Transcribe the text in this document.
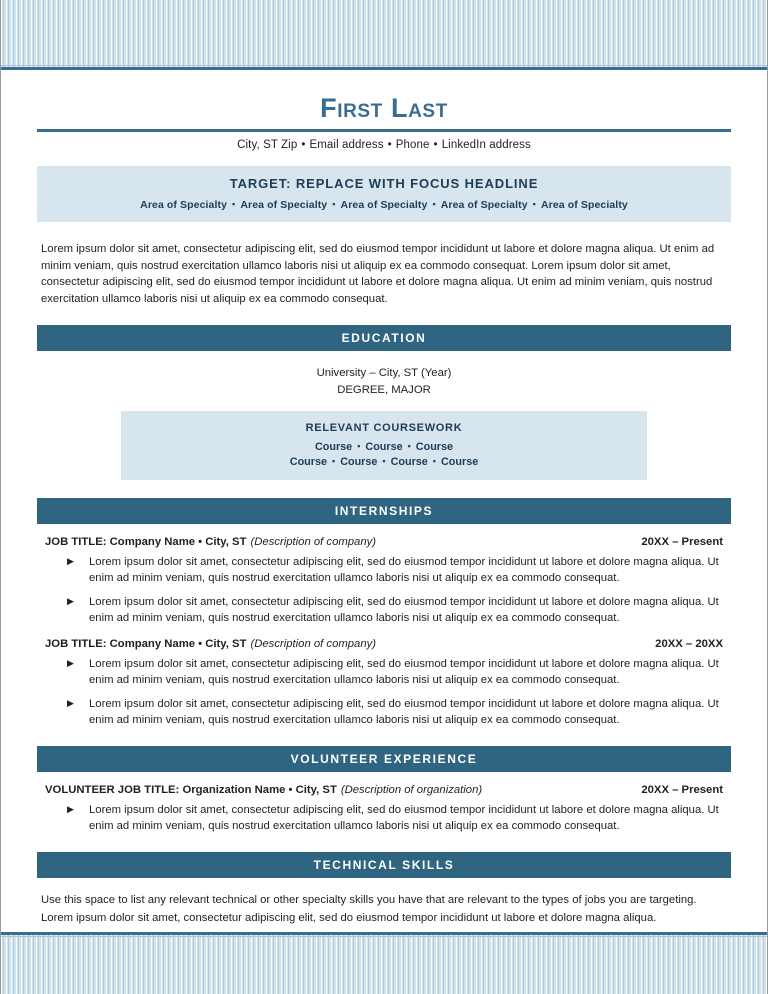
First Last
City, ST Zip • Email address • Phone • LinkedIn address
TARGET: REPLACE WITH FOCUS HEADLINE
Area of Specialty ▪ Area of Specialty ▪ Area of Specialty ▪ Area of Specialty ▪ Area of Specialty
Lorem ipsum dolor sit amet, consectetur adipiscing elit, sed do eiusmod tempor incididunt ut labore et dolore magna aliqua. Ut enim ad minim veniam, quis nostrud exercitation ullamco laboris nisi ut aliquip ex ea commodo consequat. Lorem ipsum dolor sit amet, consectetur adipiscing elit, sed do eiusmod tempor incididunt ut labore et dolore magna aliqua. Ut enim ad minim veniam, quis nostrud exercitation ullamco laboris nisi ut aliquip ex ea commodo consequat.
EDUCATION
University – City, ST (Year)
DEGREE, MAJOR
RELEVANT COURSEWORK
Course ▪ Course ▪ Course
Course ▪ Course ▪ Course ▪ Course
INTERNSHIPS
JOB TITLE: Company Name • City, ST (Description of company)	20XX – Present
▶	Lorem ipsum dolor sit amet, consectetur adipiscing elit, sed do eiusmod tempor incididunt ut labore et dolore magna aliqua. Ut enim ad minim veniam, quis nostrud exercitation ullamco laboris nisi ut aliquip ex ea commodo consequat.
▶	Lorem ipsum dolor sit amet, consectetur adipiscing elit, sed do eiusmod tempor incididunt ut labore et dolore magna aliqua. Ut enim ad minim veniam, quis nostrud exercitation ullamco laboris nisi ut aliquip ex ea commodo consequat.
JOB TITLE: Company Name • City, ST (Description of company)	20XX – 20XX
▶	Lorem ipsum dolor sit amet, consectetur adipiscing elit, sed do eiusmod tempor incididunt ut labore et dolore magna aliqua. Ut enim ad minim veniam, quis nostrud exercitation ullamco laboris nisi ut aliquip ex ea commodo consequat.
▶	Lorem ipsum dolor sit amet, consectetur adipiscing elit, sed do eiusmod tempor incididunt ut labore et dolore magna aliqua. Ut enim ad minim veniam, quis nostrud exercitation ullamco laboris nisi ut aliquip ex ea commodo consequat.
VOLUNTEER EXPERIENCE
VOLUNTEER JOB TITLE: Organization Name • City, ST (Description of organization)	20XX – Present
▶	Lorem ipsum dolor sit amet, consectetur adipiscing elit, sed do eiusmod tempor incididunt ut labore et dolore magna aliqua. Ut enim ad minim veniam, quis nostrud exercitation ullamco laboris nisi ut aliquip ex ea commodo consequat.
TECHNICAL SKILLS
Use this space to list any relevant technical or other specialty skills you have that are relevant to the types of jobs you are targeting. Lorem ipsum dolor sit amet, consectetur adipiscing elit, sed do eiusmod tempor incididunt ut labore et dolore magna aliqua.
